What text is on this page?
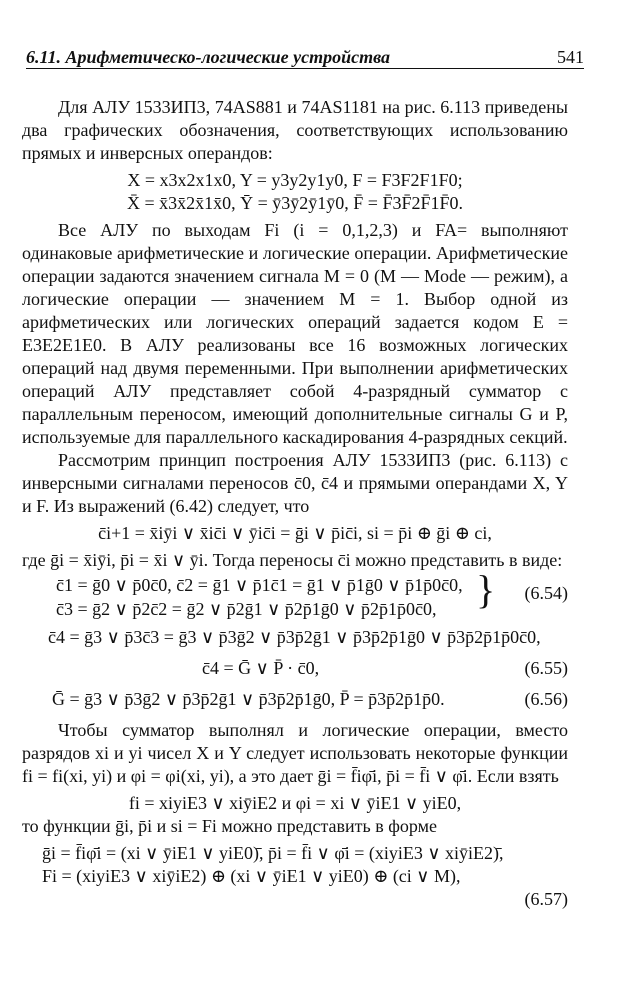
6.11. Арифметическо-логические устройства	541

Для АЛУ 1533ИП3, 74AS881 и 74AS1181 на рис. 6.113 приведены два графических обозначения, соответствующих использованию прямых и инверсных операндов:

X = x3x2x1x0, Y = y3y2y1y0, F = F3F2F1F0;

X̄ = x̄3x̄2x̄1x̄0, Ȳ = ȳ3ȳ2ȳ1ȳ0, F̄ = F̄3F̄2F̄1F̄0.

Все АЛУ по выходам Fi (i = 0,1,2,3) и FA= выполняют одинаковые арифметические и логические операции. Арифметические операции задаются значением сигнала M = 0 (M — Mode — режим), а логические операции — значением M = 1. Выбор одной из арифметических или логических операций задается кодом E = E3E2E1E0. В АЛУ реализованы все 16 возможных логических операций над двумя переменными. При выполнении арифметических операций АЛУ представляет собой 4-разрядный сумматор с параллельным переносом, имеющий дополнительные сигналы G и P, используемые для параллельного каскадирования 4-разрядных секций.

Рассмотрим принцип построения АЛУ 1533ИП3 (рис. 6.113) с инверсными сигналами переносов c̄0, c̄4 и прямыми операндами X, Y и F. Из выражений (6.42) следует, что

c̄i+1 = x̄iȳi ∨ x̄ic̄i ∨ ȳic̄i = ḡi ∨ p̄ic̄i, si = p̄i ⊕ ḡi ⊕ ci,

где ḡi = x̄iȳi, p̄i = x̄i ∨ ȳi. Тогда переносы c̄i можно представить в виде:

c̄1 = ḡ0 ∨ p̄0c̄0, c̄2 = ḡ1 ∨ p̄1c̄1 = ḡ1 ∨ p̄1ḡ0 ∨ p̄1p̄0c̄0,
c̄3 = ḡ2 ∨ p̄2c̄2 = ḡ2 ∨ p̄2ḡ1 ∨ p̄2p̄1ḡ0 ∨ p̄2p̄1p̄0c̄0, } (6.54)

c̄4 = ḡ3 ∨ p̄3c̄3 = ḡ3 ∨ p̄3ḡ2 ∨ p̄3p̄2ḡ1 ∨ p̄3p̄2p̄1ḡ0 ∨ p̄3p̄2p̄1p̄0c̄0,

c̄4 = Ḡ ∨ P̄ · c̄0,	(6.55)
Ḡ = ḡ3 ∨ p̄3ḡ2 ∨ p̄3p̄2ḡ1 ∨ p̄3p̄2p̄1ḡ0, P̄ = p̄3p̄2p̄1p̄0.	(6.56)

Чтобы сумматор выполнял и логические операции, вместо разрядов xi и yi чисел X и Y следует использовать некоторые функции fi = fi(xi, yi) и φi = φi(xi, yi), а это дает ḡi = f̄iφ̄i, p̄i = f̄i ∨ φ̄i. Если взять

fi = xiyiE3 ∨ xiȳiE2 и φi = xi ∨ ȳiE1 ∨ yiE0,

то функции ḡi, p̄i и si = Fi можно представить в форме

ḡi = f̄iφ̄i = (xi ∨ ȳiE1 ∨ yiE0)̄, p̄i = f̄i ∨ φ̄i = (xiyiE3 ∨ xiȳiE2)̄,

Fi = (xiyiE3 ∨ xiȳiE2) ⊕ (xi ∨ ȳiE1 ∨ yiE0) ⊕ (ci ∨ M),

(6.57)
